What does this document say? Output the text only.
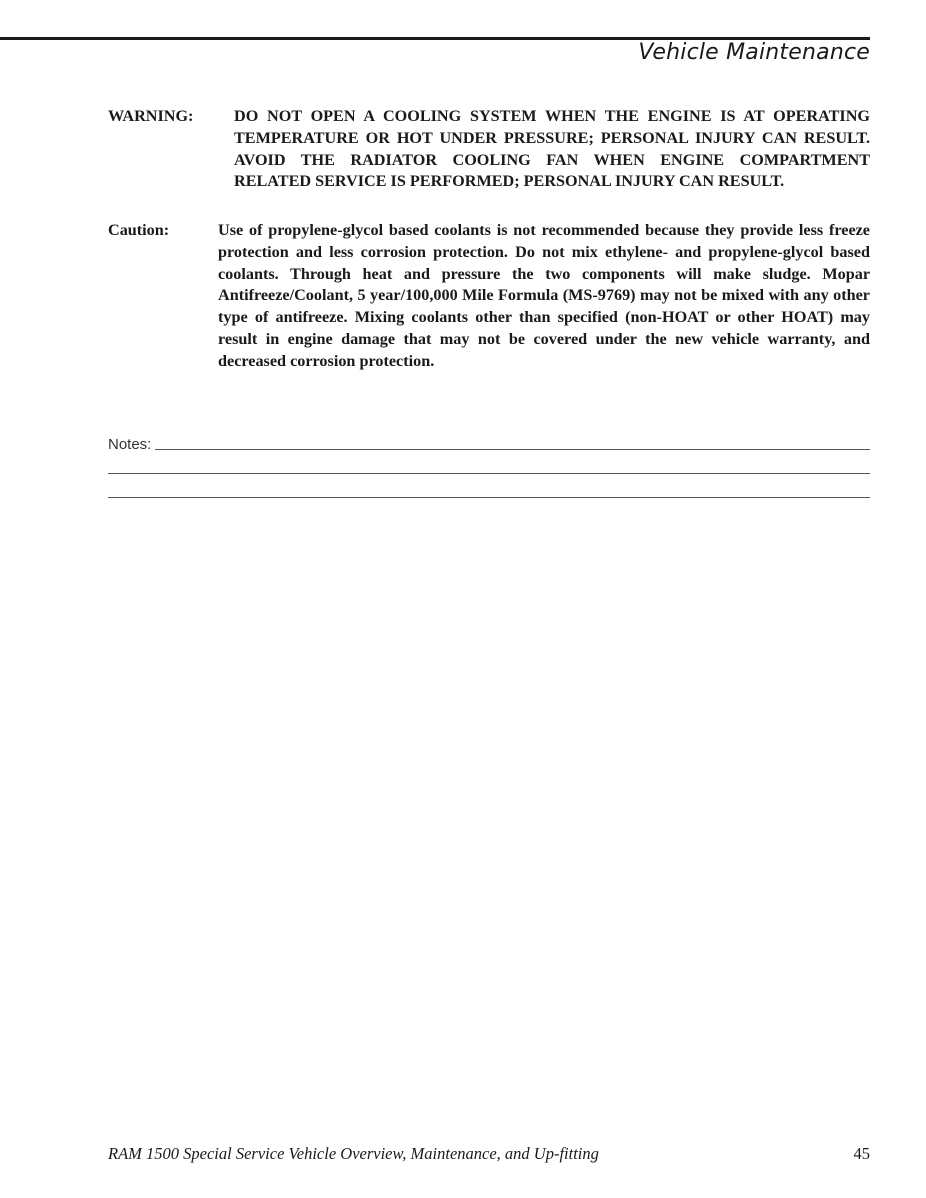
Vehicle Maintenance
WARNING:	DO NOT OPEN A COOLING SYSTEM WHEN THE ENGINE IS AT OPERATING TEMPERATURE OR HOT UNDER PRESSURE; PERSONAL INJURY CAN RESULT. AVOID THE RADIATOR COOLING FAN WHEN ENGINE COMPARTMENT RELATED SERVICE IS PERFORMED; PERSONAL INJURY CAN RESULT.
Caution:	Use of propylene-glycol based coolants is not recommended because they provide less freeze protection and less corrosion protection. Do not mix ethylene- and propylene-glycol based coolants. Through heat and pressure the two components will make sludge. Mopar Antifreeze/Coolant, 5 year/100,000 Mile Formula (MS-9769) may not be mixed with any other type of antifreeze. Mixing coolants other than specified (non-HOAT or other HOAT) may result in engine damage that may not be covered under the new vehicle warranty, and decreased corrosion protection.
Notes:
RAM 1500 Special Service Vehicle Overview, Maintenance, and Up-fitting	45
